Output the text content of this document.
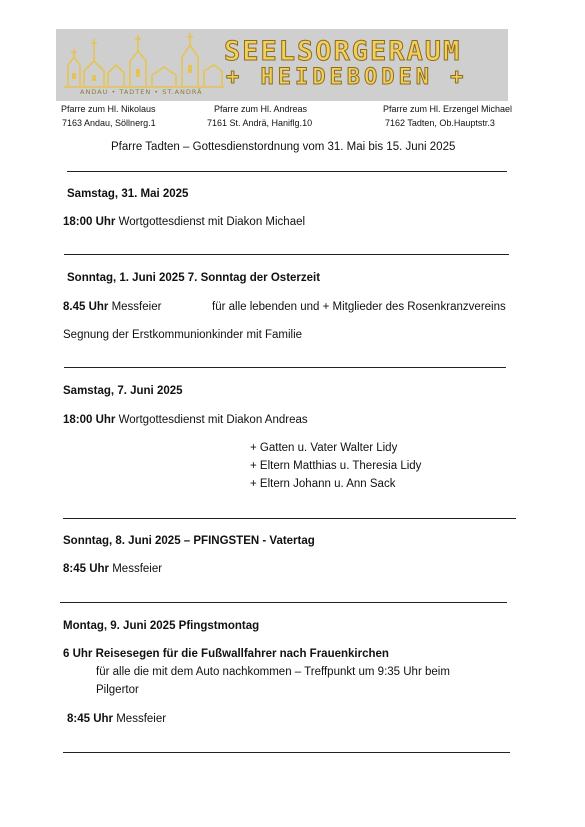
ANDAU • TADTEN • ST.ANDRÄ
SEELSORGERAUM
+ HEIDEBODEN +
Pfarre zum Hl. Nikolaus
7163 Andau, Söllnerg.1
Pfarre zum Hl. Andreas
7161 St. Andrä, Haniflg.10
Pfarre zum Hl. Erzengel Michael
7162 Tadten, Ob.Hauptstr.3
Pfarre Tadten – Gottesdienstordnung vom 31. Mai bis 15. Juni 2025
Samstag, 31. Mai 2025
18:00 Uhr Wortgottesdienst mit Diakon Michael
Sonntag, 1. Juni 2025 7. Sonntag der Osterzeit
8.45 Uhr Messfeier	für alle lebenden und + Mitglieder des Rosenkranzvereins
Segnung der Erstkommunionkinder mit Familie
Samstag, 7. Juni 2025
18:00 Uhr Wortgottesdienst mit Diakon Andreas
+ Gatten u. Vater Walter Lidy
+ Eltern Matthias u. Theresia Lidy
+ Eltern Johann u. Ann Sack
Sonntag, 8. Juni 2025 – PFINGSTEN - Vatertag
8:45 Uhr Messfeier
Montag, 9. Juni 2025 Pfingstmontag
6 Uhr Reisesegen für die Fußwallfahrer nach Frauenkirchen
für alle die mit dem Auto nachkommen – Treffpunkt um 9:35 Uhr beim
Pilgertor
8:45 Uhr Messfeier
